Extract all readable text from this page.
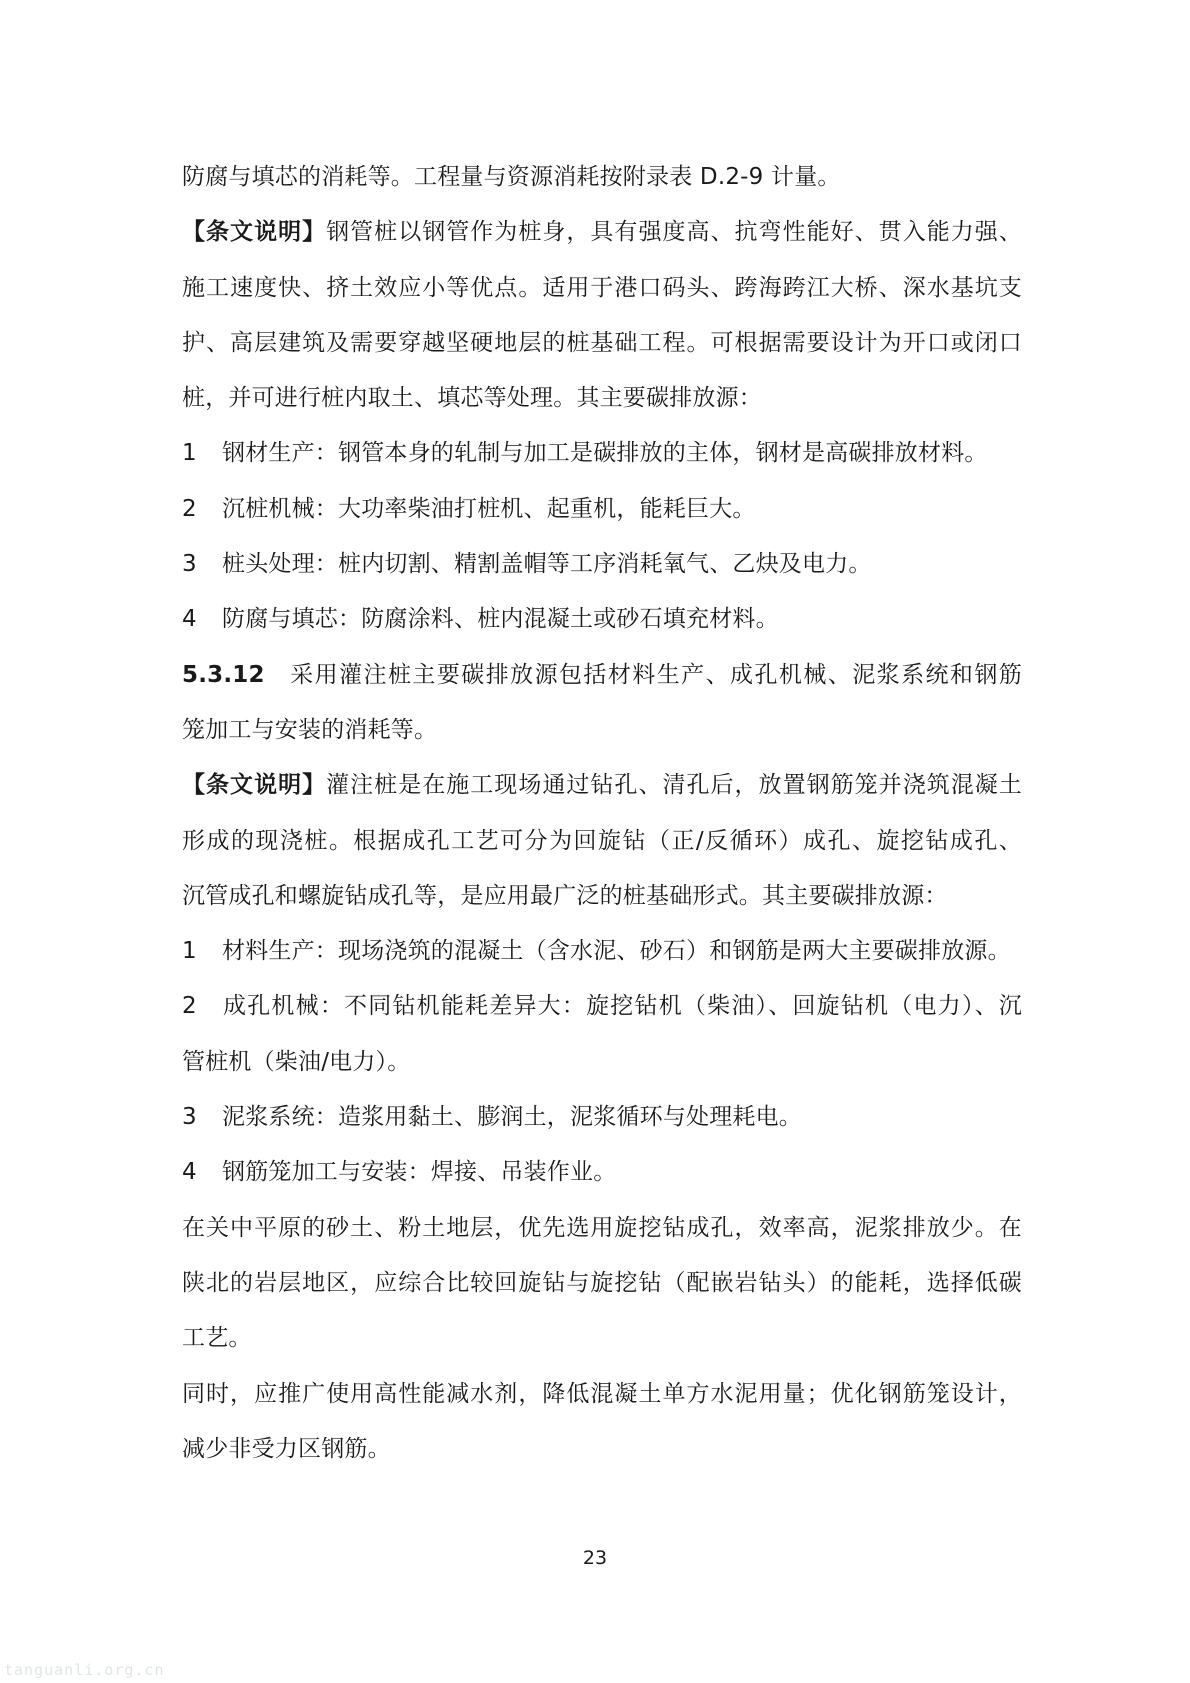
防腐与填芯的消耗等。工程量与资源消耗按附录表 D.2-9 计量。
【条文说明】钢管桩以钢管作为桩身，具有强度高、抗弯性能好、贯入能力强、
施工速度快、挤土效应小等优点。适用于港口码头、跨海跨江大桥、深水基坑支
护、高层建筑及需要穿越坚硬地层的桩基础工程。可根据需要设计为开口或闭口
桩，并可进行桩内取土、填芯等处理。其主要碳排放源：
1 钢材生产：钢管本身的轧制与加工是碳排放的主体，钢材是高碳排放材料。
2 沉桩机械：大功率柴油打桩机、起重机，能耗巨大。
3 桩头处理：桩内切割、精割盖帽等工序消耗氧气、乙炔及电力。
4 防腐与填芯：防腐涂料、桩内混凝土或砂石填充材料。
5.3.12 采用灌注桩主要碳排放源包括材料生产、成孔机械、泥浆系统和钢筋
笼加工与安装的消耗等。
【条文说明】灌注桩是在施工现场通过钻孔、清孔后，放置钢筋笼并浇筑混凝土
形成的现浇桩。根据成孔工艺可分为回旋钻（正/反循环）成孔、旋挖钻成孔、
沉管成孔和螺旋钻成孔等，是应用最广泛的桩基础形式。其主要碳排放源：
1 材料生产：现场浇筑的混凝土（含水泥、砂石）和钢筋是两大主要碳排放源。
2 成孔机械：不同钻机能耗差异大：旋挖钻机（柴油）、回旋钻机（电力）、沉
管桩机（柴油/电力）。
3 泥浆系统：造浆用黏土、膨润土，泥浆循环与处理耗电。
4 钢筋笼加工与安装：焊接、吊装作业。
在关中平原的砂土、粉土地层，优先选用旋挖钻成孔，效率高，泥浆排放少。在
陕北的岩层地区，应综合比较回旋钻与旋挖钻（配嵌岩钻头）的能耗，选择低碳
工艺。
同时，应推广使用高性能减水剂，降低混凝土单方水泥用量；优化钢筋笼设计，
减少非受力区钢筋。
23
tanguanli.org.cn
